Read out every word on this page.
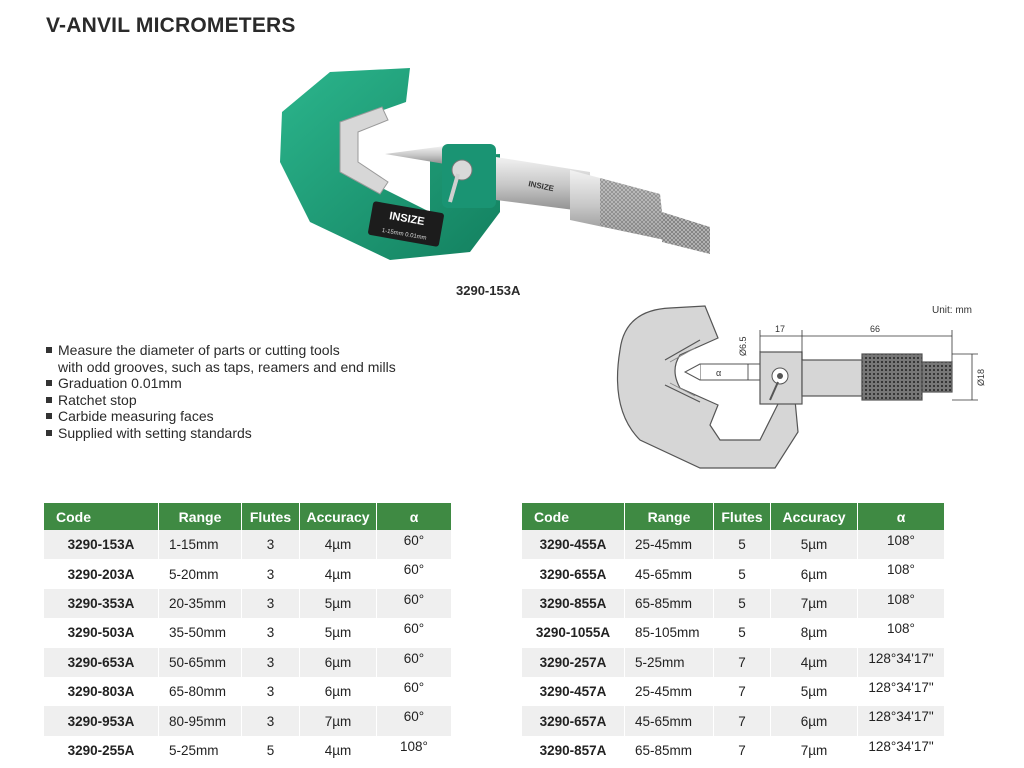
V-ANVIL MICROMETERS
INSIZE
1-15mm 0.01mm
INSIZE
3290-153A
Measure the diameter of parts or cutting tools
with odd grooves, such as taps, reamers and end mills
Graduation 0.01mm
Ratchet stop
Carbide measuring faces
Supplied with setting standards
Unit: mm
α
17	66
Ø6.5
Ø18
Code	Range	Flutes	Accuracy	α
3290-153A	1-15mm	3	4µm	60°
3290-203A	5-20mm	3	4µm	60°
3290-353A	20-35mm	3	5µm	60°
3290-503A	35-50mm	3	5µm	60°
3290-653A	50-65mm	3	6µm	60°
3290-803A	65-80mm	3	6µm	60°
3290-953A	80-95mm	3	7µm	60°
3290-255A	5-25mm	5	4µm	108°
Code	Range	Flutes	Accuracy	α
3290-455A	25-45mm	5	5µm	108°
3290-655A	45-65mm	5	6µm	108°
3290-855A	65-85mm	5	7µm	108°
3290-1055A	85-105mm	5	8µm	108°
3290-257A	5-25mm	7	4µm	128°34'17"
3290-457A	25-45mm	7	5µm	128°34'17"
3290-657A	45-65mm	7	6µm	128°34'17"
3290-857A	65-85mm	7	7µm	128°34'17"
